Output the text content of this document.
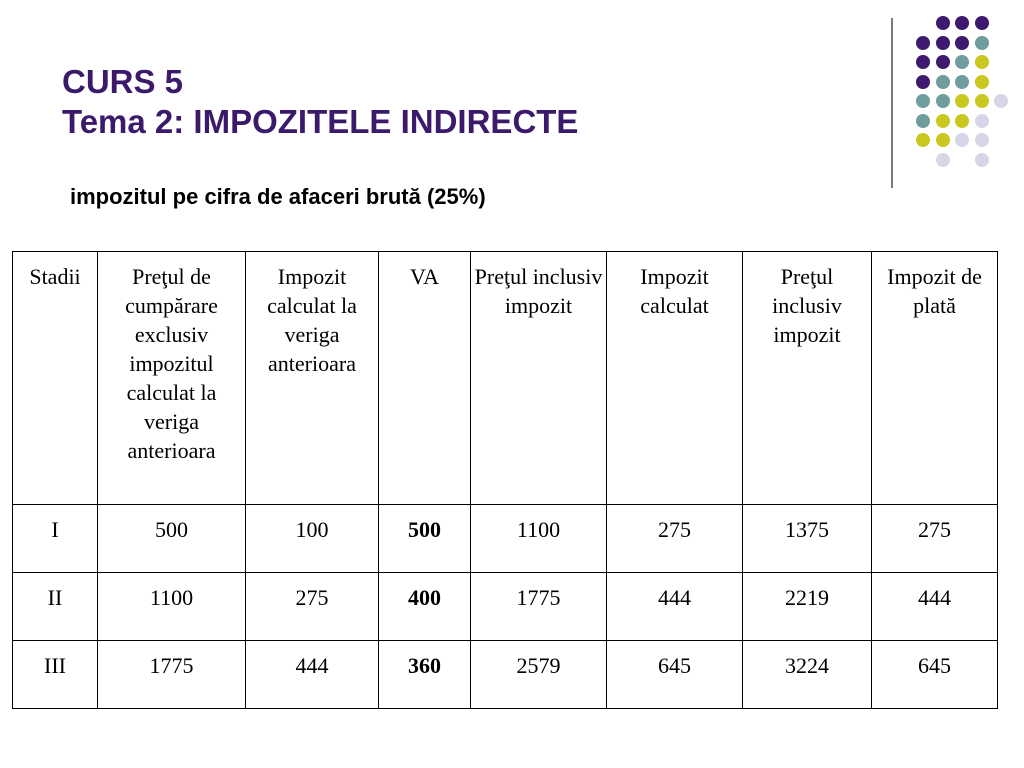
CURS 5
Tema 2: IMPOZITELE INDIRECTE
impozitul pe cifra de afaceri brută (25%)
Stadii	Preţul de cumpărare exclusiv impozitul calculat la veriga anterioara	Impozit calculat la veriga anterioara	VA	Preţul inclusiv impozit	Impozit calculat	Preţul inclusiv impozit	Impozit de plată
I	500	100	500	1100	275	1375	275
II	1100	275	400	1775	444	2219	444
III	1775	444	360	2579	645	3224	645
